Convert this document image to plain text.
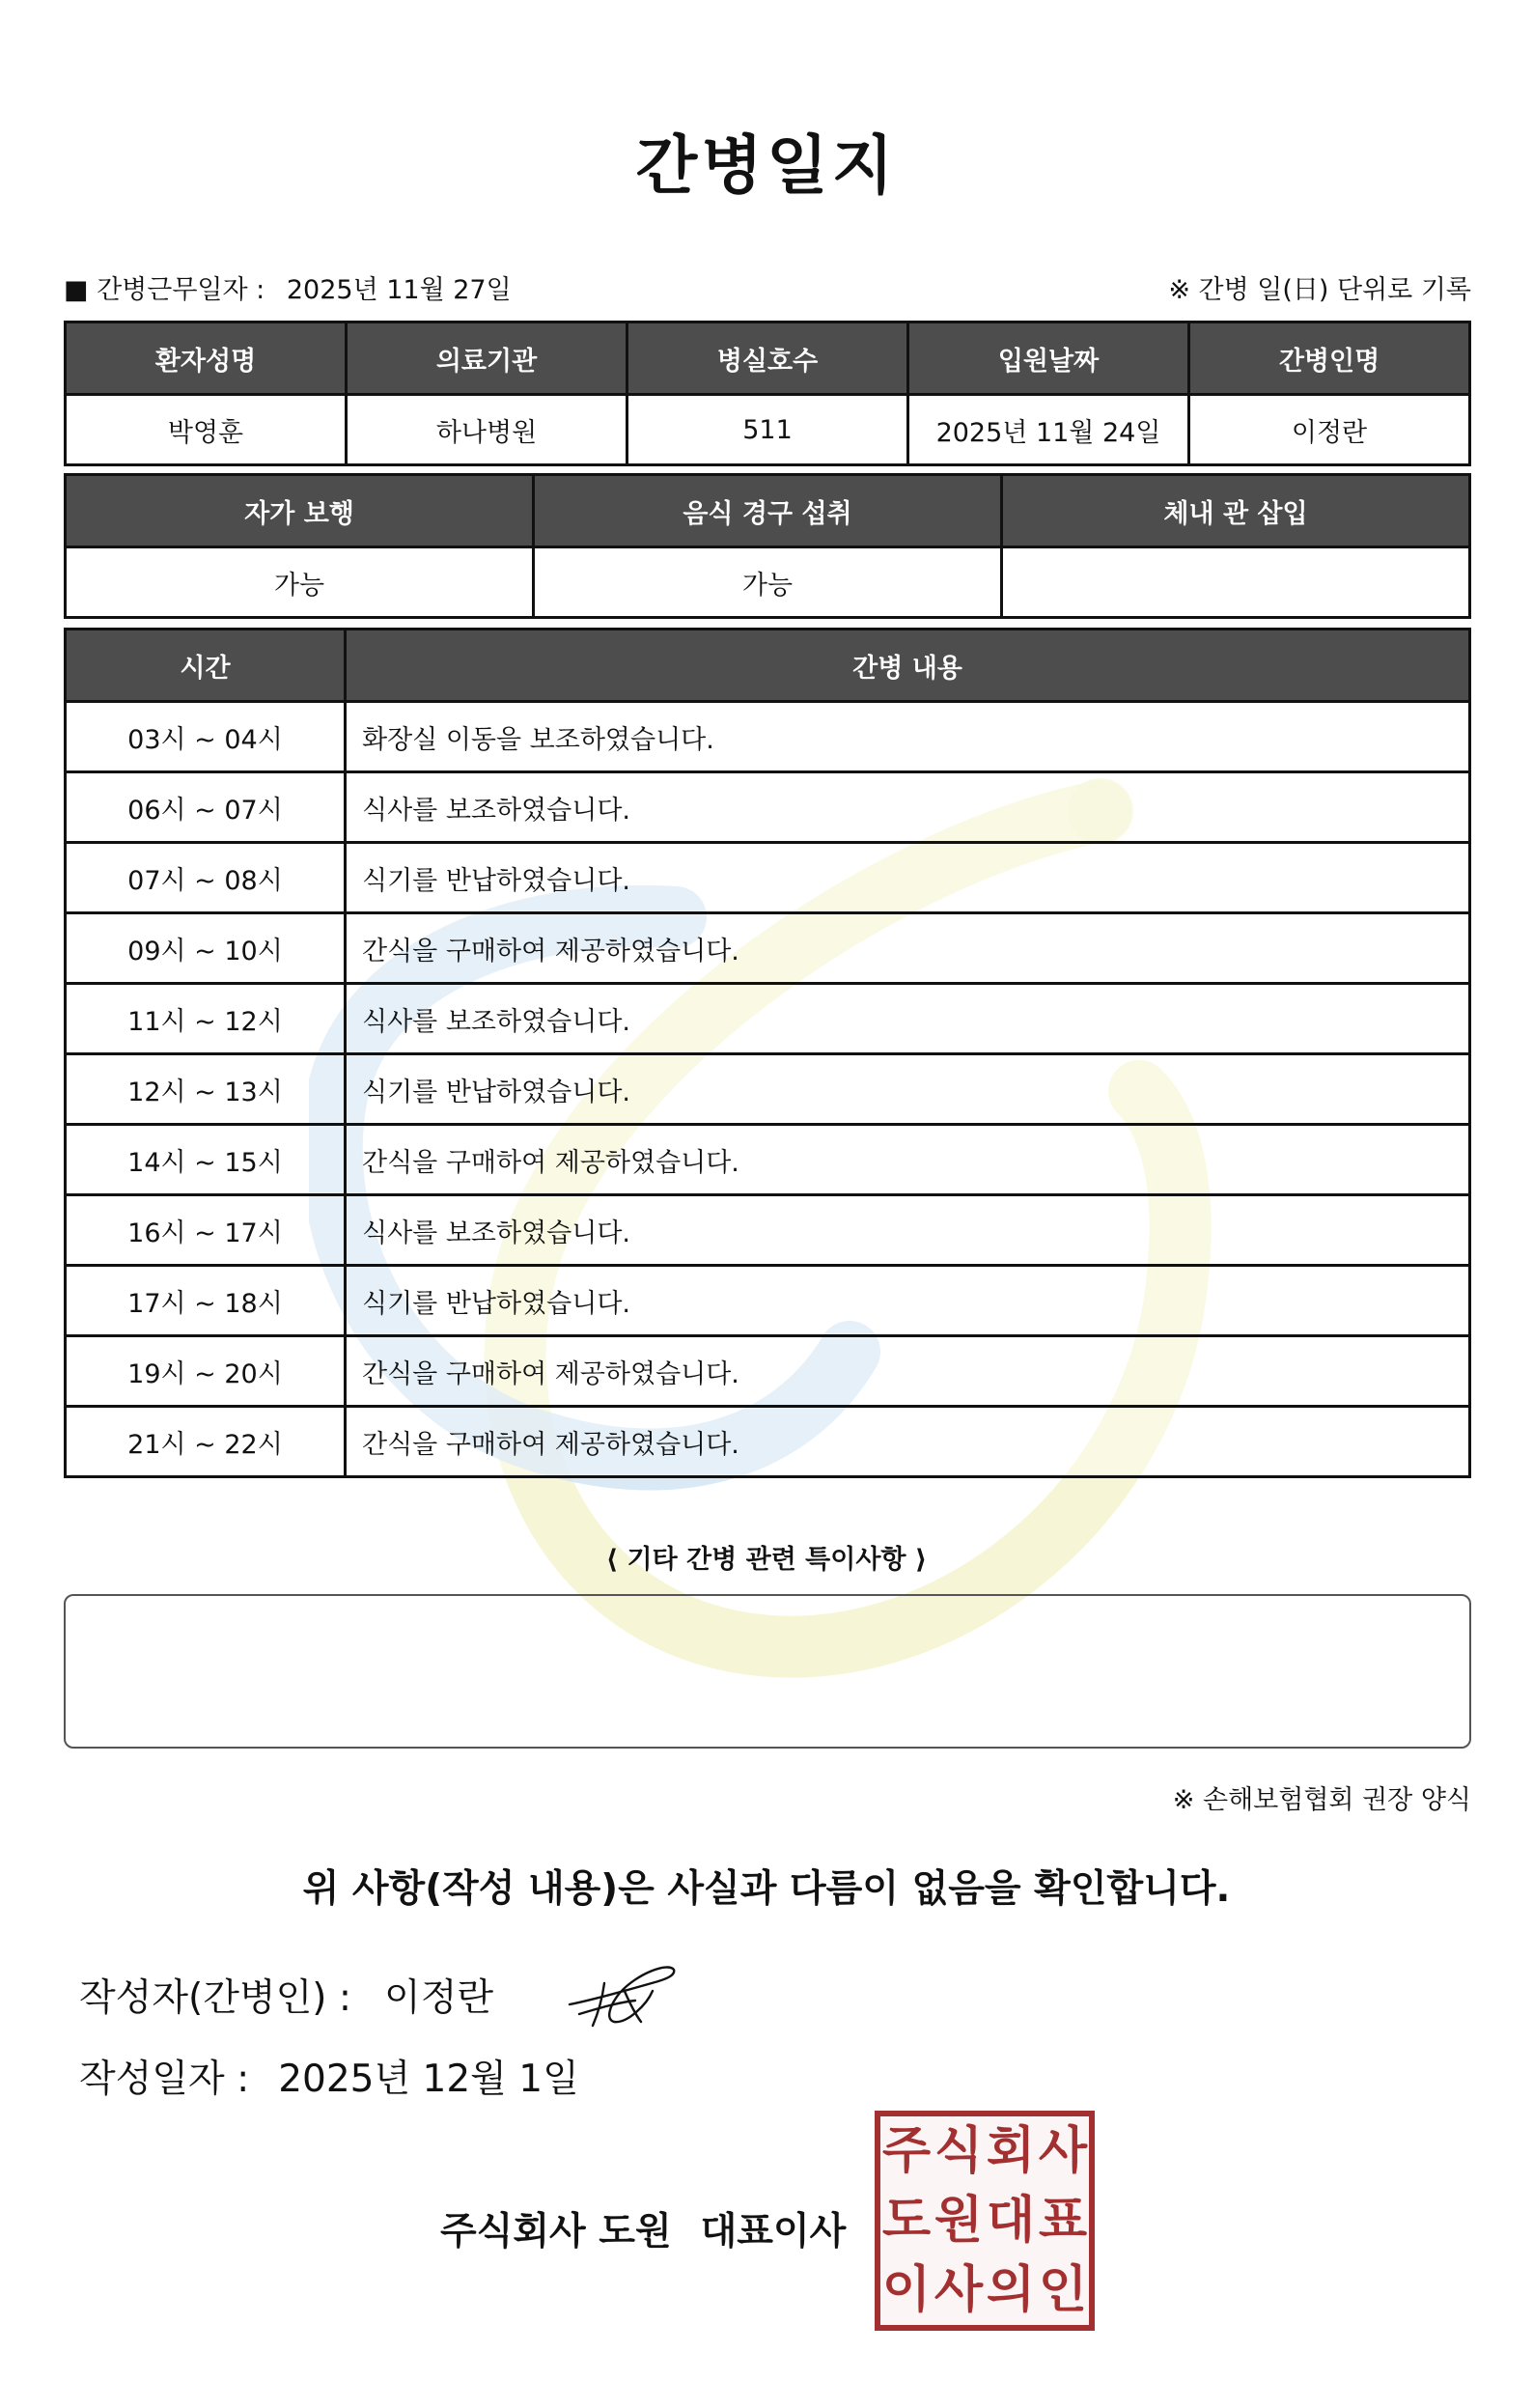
간병일지
■ 간병근무일자 : 2025년 11월 27일	※ 간병 일(日) 단위로 기록
환자성명	의료기관	병실호수	입원날짜	간병인명
박영훈	하나병원	511	2025년 11월 24일	이정란
자가 보행	음식 경구 섭취	체내 관 삽입
가능	가능	
시간	간병 내용
03시 ~ 04시	화장실 이동을 보조하였습니다.
06시 ~ 07시	식사를 보조하였습니다.
07시 ~ 08시	식기를 반납하였습니다.
09시 ~ 10시	간식을 구매하여 제공하였습니다.
11시 ~ 12시	식사를 보조하였습니다.
12시 ~ 13시	식기를 반납하였습니다.
14시 ~ 15시	간식을 구매하여 제공하였습니다.
16시 ~ 17시	식사를 보조하였습니다.
17시 ~ 18시	식기를 반납하였습니다.
19시 ~ 20시	간식을 구매하여 제공하였습니다.
21시 ~ 22시	간식을 구매하여 제공하였습니다.
⟨ 기타 간병 관련 특이사항 ⟩
※ 손해보험협회 권장 양식
위 사항(작성 내용)은 사실과 다름이 없음을 확인합니다.
작성자(간병인) : 이정란
작성일자 : 2025년 12월 1일
주식회사 도원 대표이사
주 식 회 사
도 원 대 표
이 사 의 인
